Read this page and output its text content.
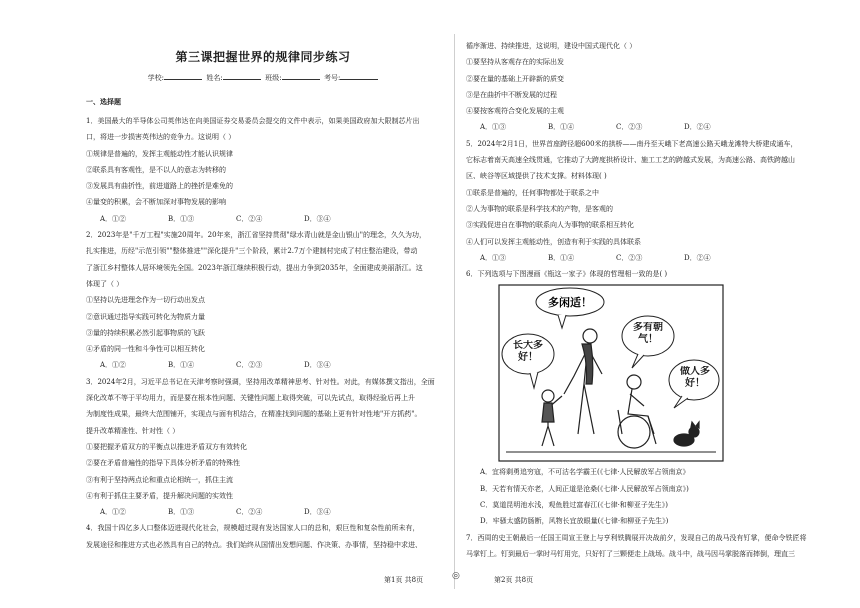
第三课把握世界的规律同步练习
学校:	姓名:	班级:	考号:
一、选择题

1．美国最大的半导体公司英伟达在向美国证券交易委员会提交的文件中表示，如果美国政府加大限制芯片出

口，将进一步损害英伟达的竞争力。这说明（ ）

①规律是普遍的，发挥主观能动性才能认识规律

②联系具有客观性，是不以人的意志为转移的

③发展具有曲折性，前进道路上的挫折是难免的

④量变的积累，会不断加深对事物发展的影响

A．①②	B．①③	C．②④	D．③④

2．2023年是"千万工程"实施20周年。20年来，浙江省坚持贯彻"绿水青山就是金山银山"的理念，久久为功，

扎实推进，历经"示范引领""整体推进""深化提升"三个阶段，累计2.7万个建制村完成了村庄整治建设，带动

了浙江乡村整体人居环境领先全国。2023年浙江继续积极行动，提出力争到2035年，全面建成美丽浙江。这

体现了（ ）

①坚持以先进理念作为一切行动出发点

②意识通过指导实践可转化为物质力量

③量的持续积累必然引起事物质的飞跃

④矛盾的同一性和斗争性可以相互转化

A．①②	B．①④	C．②③	D．③④

3．2024年2月，习近平总书记在天津考察时强调，坚持用改革精神思考、针对性。对此，有媒体撰文指出，全面

深化改革不等于平均用力，而是要在根本性问题、关键性问题上取得突破，可以先试点，取得经验后再上升

为制度性成果，最终大范围铺开，实现点与面有机结合，在精准找到问题的基础上更有针对性地"开方抓药"。

提升改革精准性、针对性（ ）

①要把握矛盾双方的平衡点以推进矛盾双方有效转化

②要在矛盾普遍性的指导下具体分析矛盾的特殊性

③有利于坚持两点论和重点论相统一，抓住主流

④有利于抓住主要矛盾，提升解决问题的实效性

A．①②	B．①③	C．②④	D．③④

4．我国十四亿多人口整体迈进现代化社会，规模超过现有发达国家人口的总和，艰巨性和复杂性前所未有，

发展途径和推进方式也必然具有自己的特点。我们始终从国情出发想问题、作决策、办事情，坚持稳中求进、

循序渐进、持续推进，这说明，建设中国式现代化（ ）

①要坚持从客观存在的实际出发

②要在量的基础上开辟新的质变

③是在曲折中不断发展的过程

④要按客观符合变化发展的主观

A．①③	B．①④	C．②③	D．②④

5．2024年2月1日，世界首座跨径超600米的拱桥——南丹至天峨下老高速公路天峨龙滩特大桥建成通车，

它标志着南天高速全线贯通，它推动了大跨度拱桥设计、施工工艺的跨越式发展，为高速公路、高铁跨越山

区、峡谷等区域提供了技术支撑。材料体现( )

①联系是普遍的，任何事物都处于联系之中

②人为事物的联系是科学技术的产物，是客观的

③实践促进自在事物的联系向人为事物的联系相互转化

④人们可以发挥主观能动性，创造有利于实践的具体联系

A．①③	B．①④	C．②③	D．②④

6．下列选项与下图漫画《瓶这一家子》体现的哲理相一致的是( )

多闲适！
长大多好！
多有朝气！
做人多好！

A．宜将剩勇追穷寇，不可沽名学霸王(《七律·人民解放军占领南京》

B．天若有情天亦老，人间正道是沧桑(《七律·人民解放军占领南京》)

C．莫道昆明池水浅，观鱼胜过富春江(《七律·和柳亚子先生》)

D．牢骚太盛防肠断，风物长宜放眼量(《七律·和柳亚子先生》)

7．西周的史王朝最后一任国王周宣王登上与亨利铁腾展开决战前夕，发现自己的战马没有钉掌，便命令铁匠将

马掌钉上。钉到最后一掌时马钉用完，只好钉了三颗便走上战场。战斗中，战马因马掌脱落而摔倒，理直三

第1页 共8页	◎	第2页 共8页
